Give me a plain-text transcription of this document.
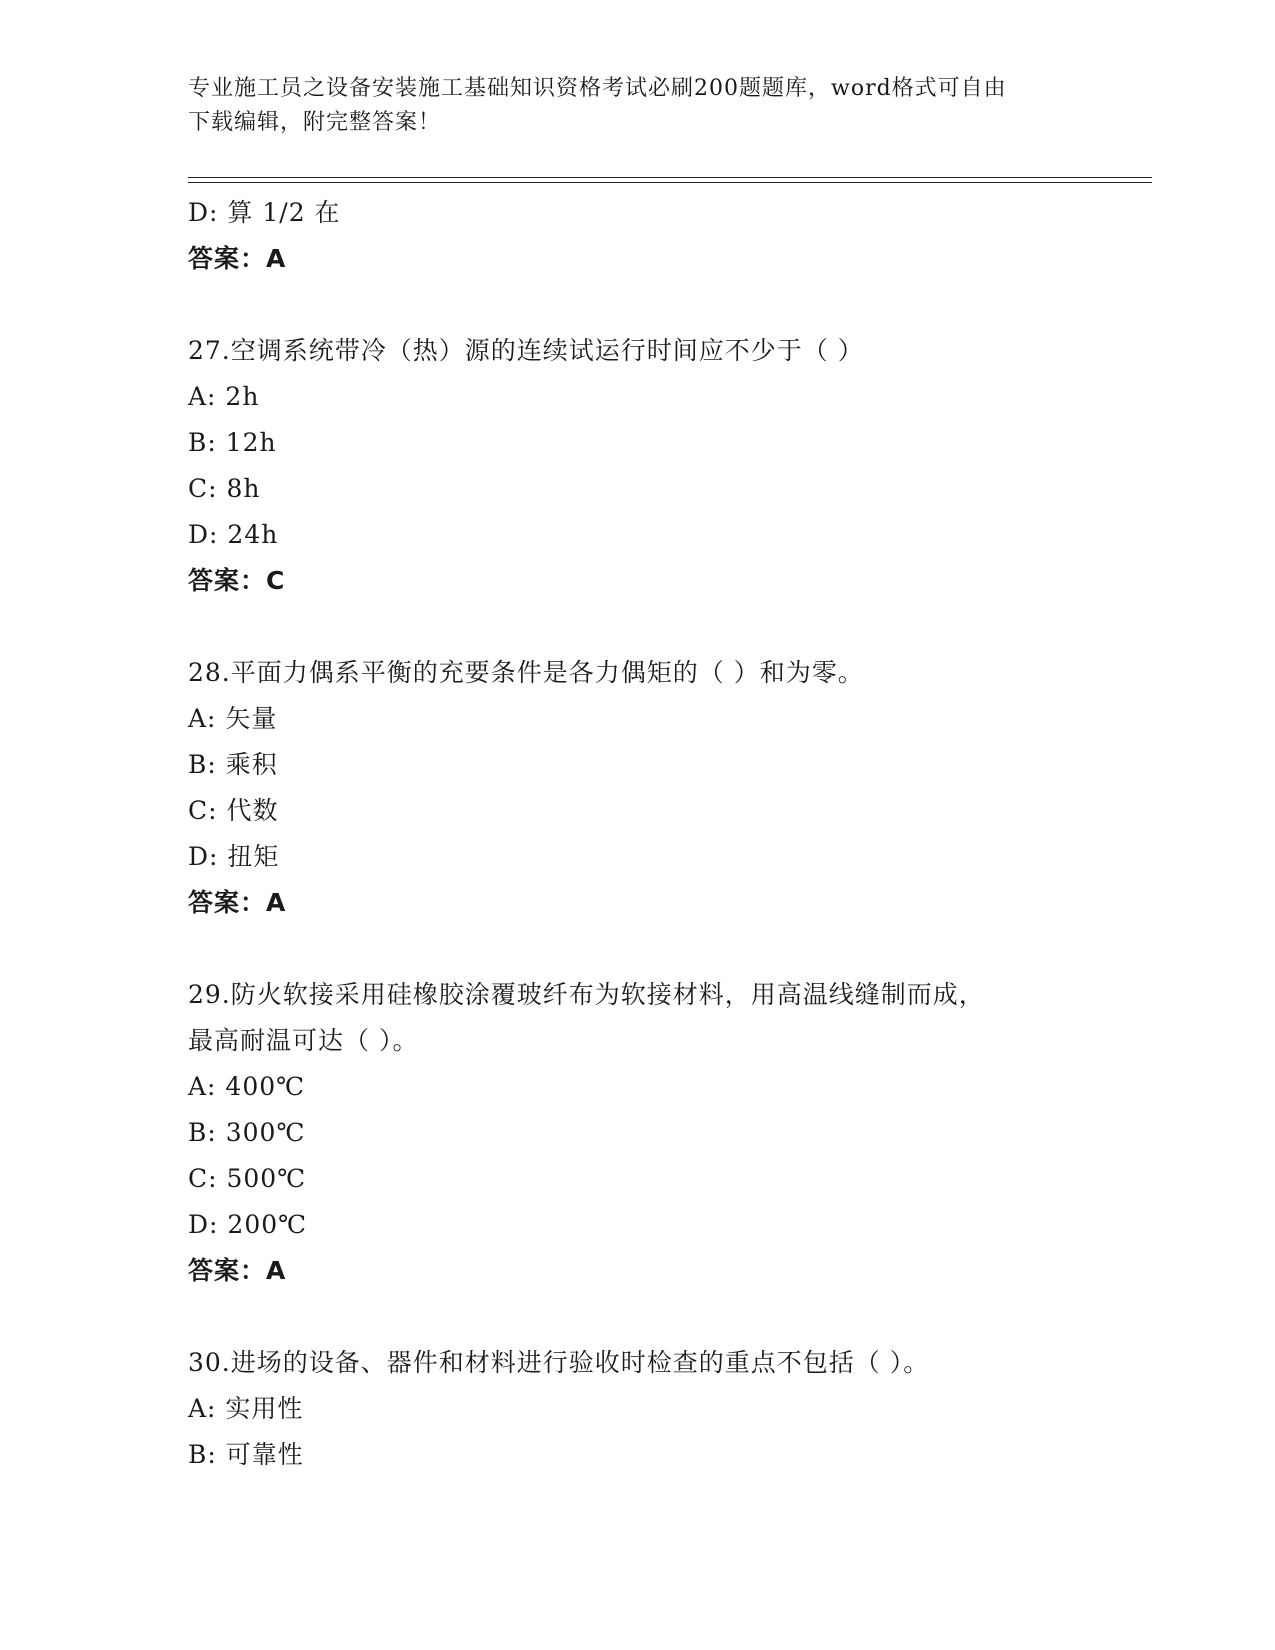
专业施工员之设备安装施工基础知识资格考试必刷200题题库，word格式可自由
下载编辑，附完整答案！
D: 算 1/2 在
答案：A
27.空调系统带冷（热）源的连续试运行时间应不少于（ ）
A: 2h
B: 12h
C: 8h
D: 24h
答案：C
28.平面力偶系平衡的充要条件是各力偶矩的（ ）和为零。
A: 矢量
B: 乘积
C: 代数
D: 扭矩
答案：A
29.防火软接采用硅橡胶涂覆玻纤布为软接材料，用高温线缝制而成，
最高耐温可达（ ）。
A: 400℃
B: 300℃
C: 500℃
D: 200℃
答案：A
30.进场的设备、器件和材料进行验收时检查的重点不包括（ ）。
A: 实用性
B: 可靠性
